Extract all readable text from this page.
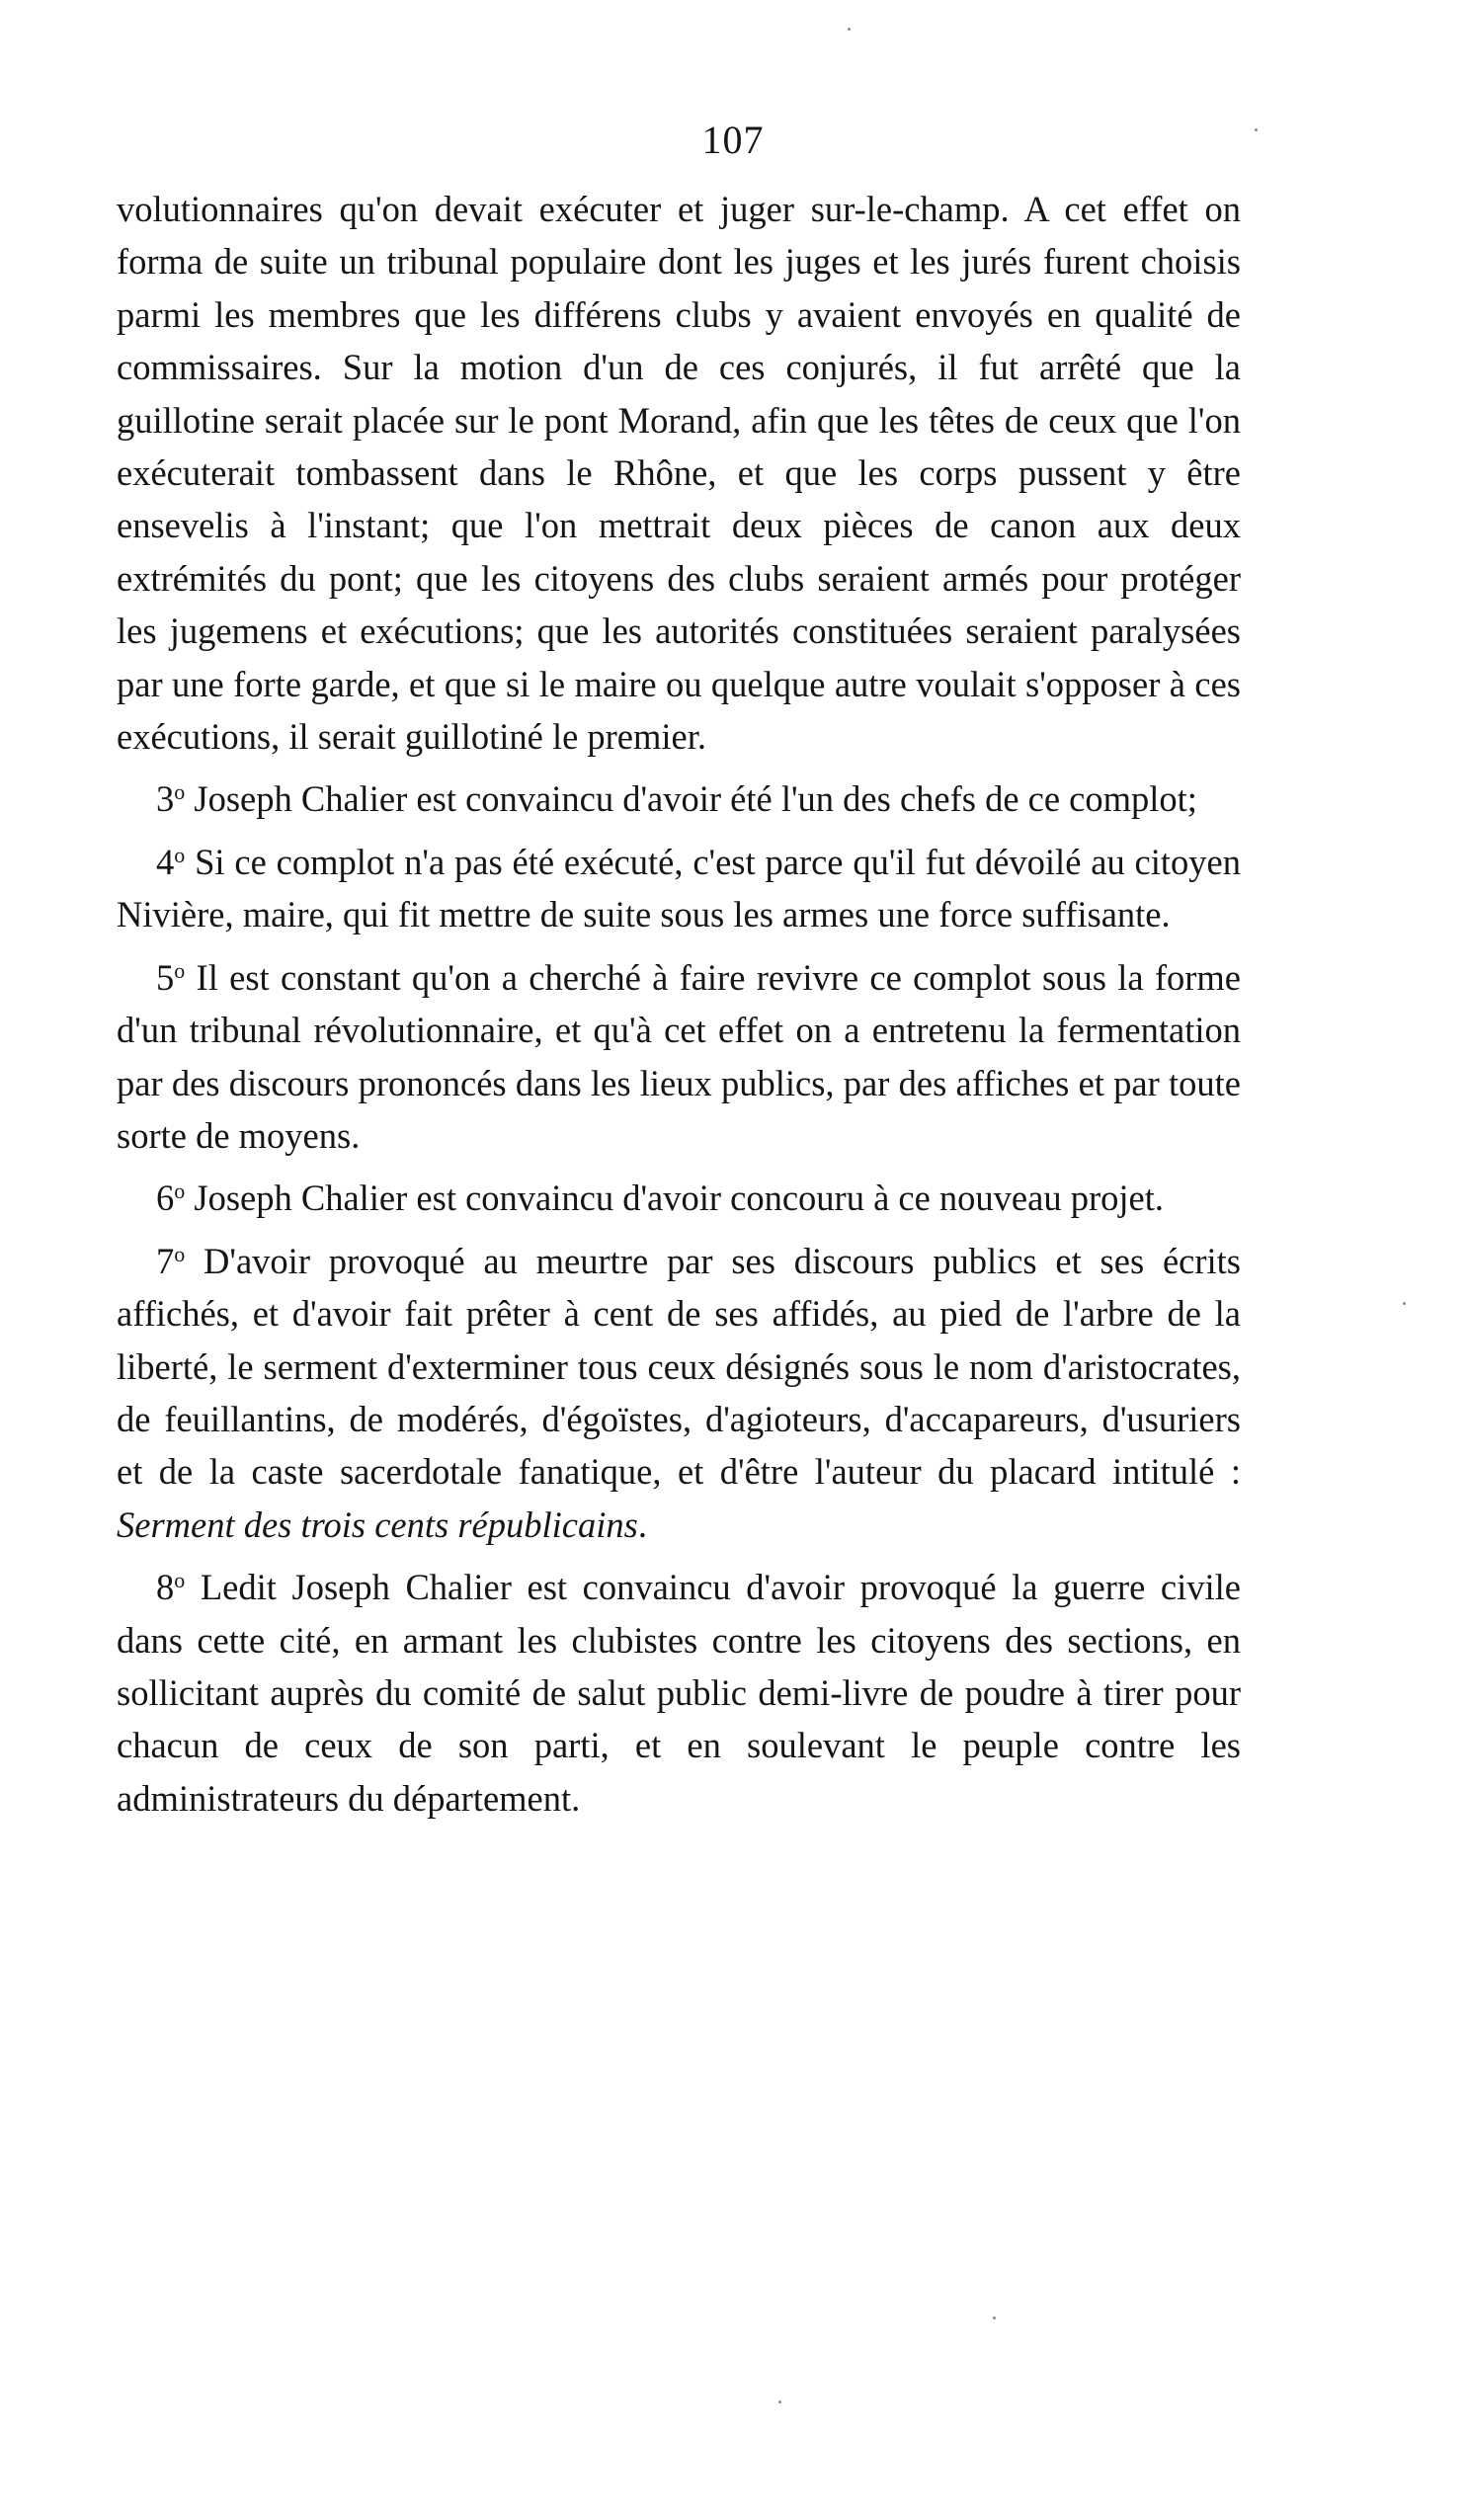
107

volutionnaires qu'on devait exécuter et juger sur-le-champ. A cet effet on forma de suite un tribunal populaire dont les juges et les jurés furent choisis parmi les membres que les différens clubs y avaient envoyés en qualité de commissaires. Sur la motion d'un de ces conjurés, il fut arrêté que la guillotine serait placée sur le pont Morand, afin que les têtes de ceux que l'on exécuterait tombassent dans le Rhône, et que les corps pussent y être ensevelis à l'instant; que l'on mettrait deux pièces de canon aux deux extrémités du pont; que les citoyens des clubs seraient armés pour protéger les jugemens et exécutions; que les autorités constituées seraient paralysées par une forte garde, et que si le maire ou quelque autre voulait s'opposer à ces exécutions, il serait guillotiné le premier.

3$^o$ Joseph Chalier est convaincu d'avoir été l'un des chefs de ce complot;

4$^o$ Si ce complot n'a pas été exécuté, c'est parce qu'il fut dévoilé au citoyen Nivière, maire, qui fit mettre de suite sous les armes une force suffisante.

5$^o$ Il est constant qu'on a cherché à faire revivre ce complot sous la forme d'un tribunal révolutionnaire, et qu'à cet effet on a entretenu la fermentation par des discours prononcés dans les lieux publics, par des affiches et par toute sorte de moyens.

6$^o$ Joseph Chalier est convaincu d'avoir concouru à ce nouveau projet.

7$^o$ D'avoir provoqué au meurtre par ses discours publics et ses écrits affichés, et d'avoir fait prêter à cent de ses affidés, au pied de l'arbre de la liberté, le serment d'exterminer tous ceux désignés sous le nom d'aristocrates, de feuillantins, de modérés, d'égoïstes, d'agioteurs, d'accapareurs, d'usuriers et de la caste sacerdotale fanatique, et d'être l'auteur du placard intitulé : Serment des trois cents républicains.

8$^o$ Ledit Joseph Chalier est convaincu d'avoir provoqué la guerre civile dans cette cité, en armant les clubistes contre les citoyens des sections, en sollicitant auprès du comité de salut public demi-livre de poudre à tirer pour chacun de ceux de son parti, et en soulevant le peuple contre les administrateurs du département.
